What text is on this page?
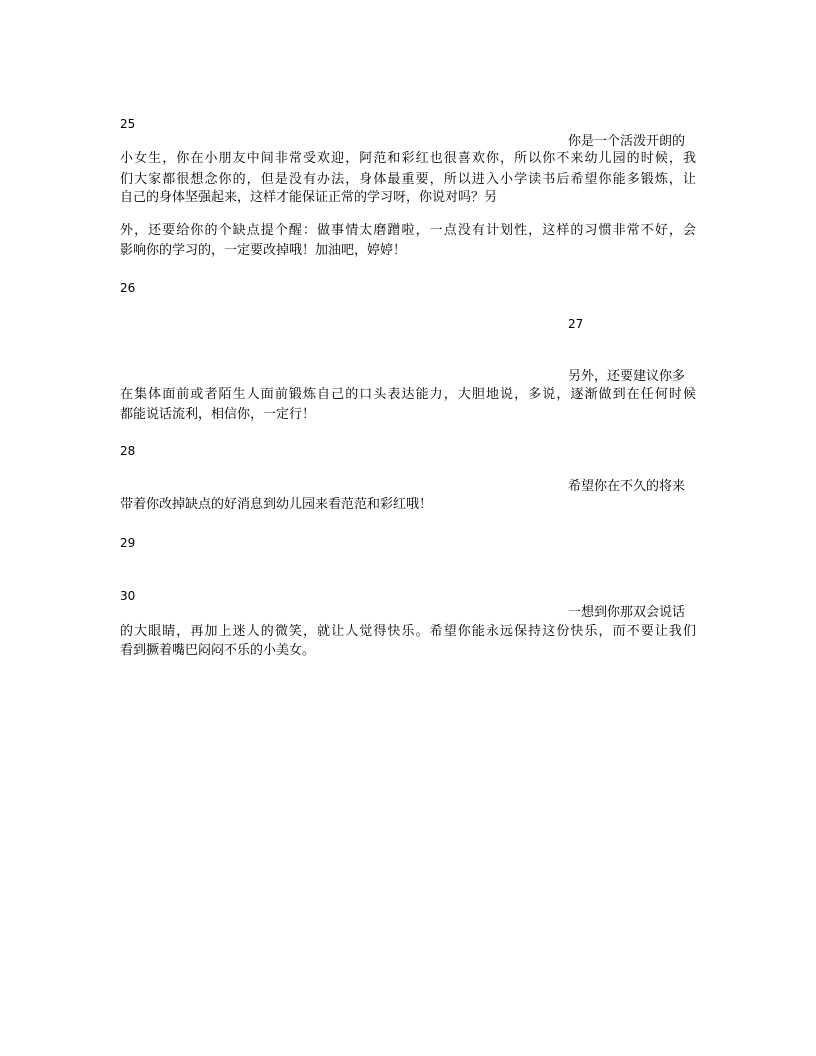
25
你是一个活泼开朗的
小女生，你在小朋友中间非常受欢迎，阿范和彩红也很喜欢你，所以你不来幼儿园的时候，我
们大家都很想念你的，但是没有办法，身体最重要，所以进入小学读书后希望你能多锻炼，让
自己的身体坚强起来，这样才能保证正常的学习呀，你说对吗？另
外，还要给你的个缺点提个醒：做事情太磨蹭啦，一点没有计划性，这样的习惯非常不好，会
影响你的学习的，一定要改掉哦！加油吧，婷婷！
26
27
另外，还要建议你多
在集体面前或者陌生人面前锻炼自己的口头表达能力，大胆地说，多说，逐渐做到在任何时候
都能说话流利，相信你，一定行！
28
希望你在不久的将来
带着你改掉缺点的好消息到幼儿园来看范范和彩红哦！
29
30
一想到你那双会说话
的大眼睛，再加上迷人的微笑，就让人觉得快乐。希望你能永远保持这份快乐，而不要让我们
看到撅着嘴巴闷闷不乐的小美女。
